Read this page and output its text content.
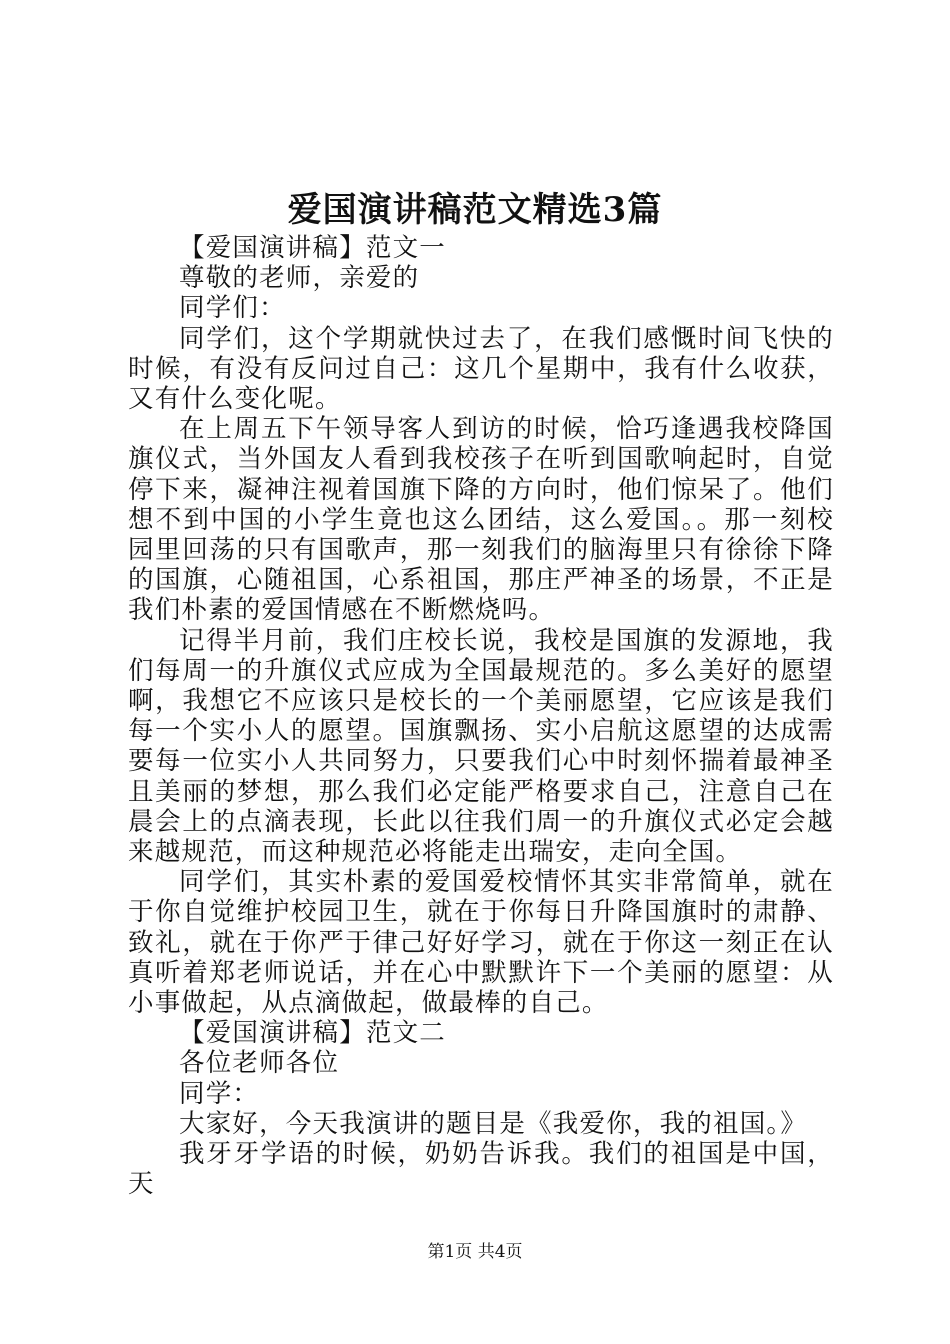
爱国演讲稿范文精选3篇

【爱国演讲稿】范文一

尊敬的老师，亲爱的

同学们：

同学们，这个学期就快过去了，在我们感慨时间飞快的时候，有没有反问过自己：这几个星期中，我有什么收获，又有什么变化呢。

在上周五下午领导客人到访的时候，恰巧逢遇我校降国旗仪式，当外国友人看到我校孩子在听到国歌响起时，自觉停下来，凝神注视着国旗下降的方向时，他们惊呆了。他们想不到中国的小学生竟也这么团结，这么爱国。。那一刻校园里回荡的只有国歌声，那一刻我们的脑海里只有徐徐下降的国旗，心随祖国，心系祖国，那庄严神圣的场景，不正是我们朴素的爱国情感在不断燃烧吗。

记得半月前，我们庄校长说，我校是国旗的发源地，我们每周一的升旗仪式应成为全国最规范的。多么美好的愿望啊，我想它不应该只是校长的一个美丽愿望，它应该是我们每一个实小人的愿望。国旗飘扬、实小启航这愿望的达成需要每一位实小人共同努力，只要我们心中时刻怀揣着最神圣且美丽的梦想，那么我们必定能严格要求自己，注意自己在晨会上的点滴表现，长此以往我们周一的升旗仪式必定会越来越规范，而这种规范必将能走出瑞安，走向全国。

同学们，其实朴素的爱国爱校情怀其实非常简单，就在于你自觉维护校园卫生，就在于你每日升降国旗时的肃静、致礼，就在于你严于律己好好学习，就在于你这一刻正在认真听着郑老师说话，并在心中默默许下一个美丽的愿望：从小事做起，从点滴做起，做最棒的自己。

【爱国演讲稿】范文二

各位老师各位

同学：

大家好，今天我演讲的题目是《我爱你，我的祖国。》

我牙牙学语的时候，奶奶告诉我。我们的祖国是中国，天

第1页 共4页
